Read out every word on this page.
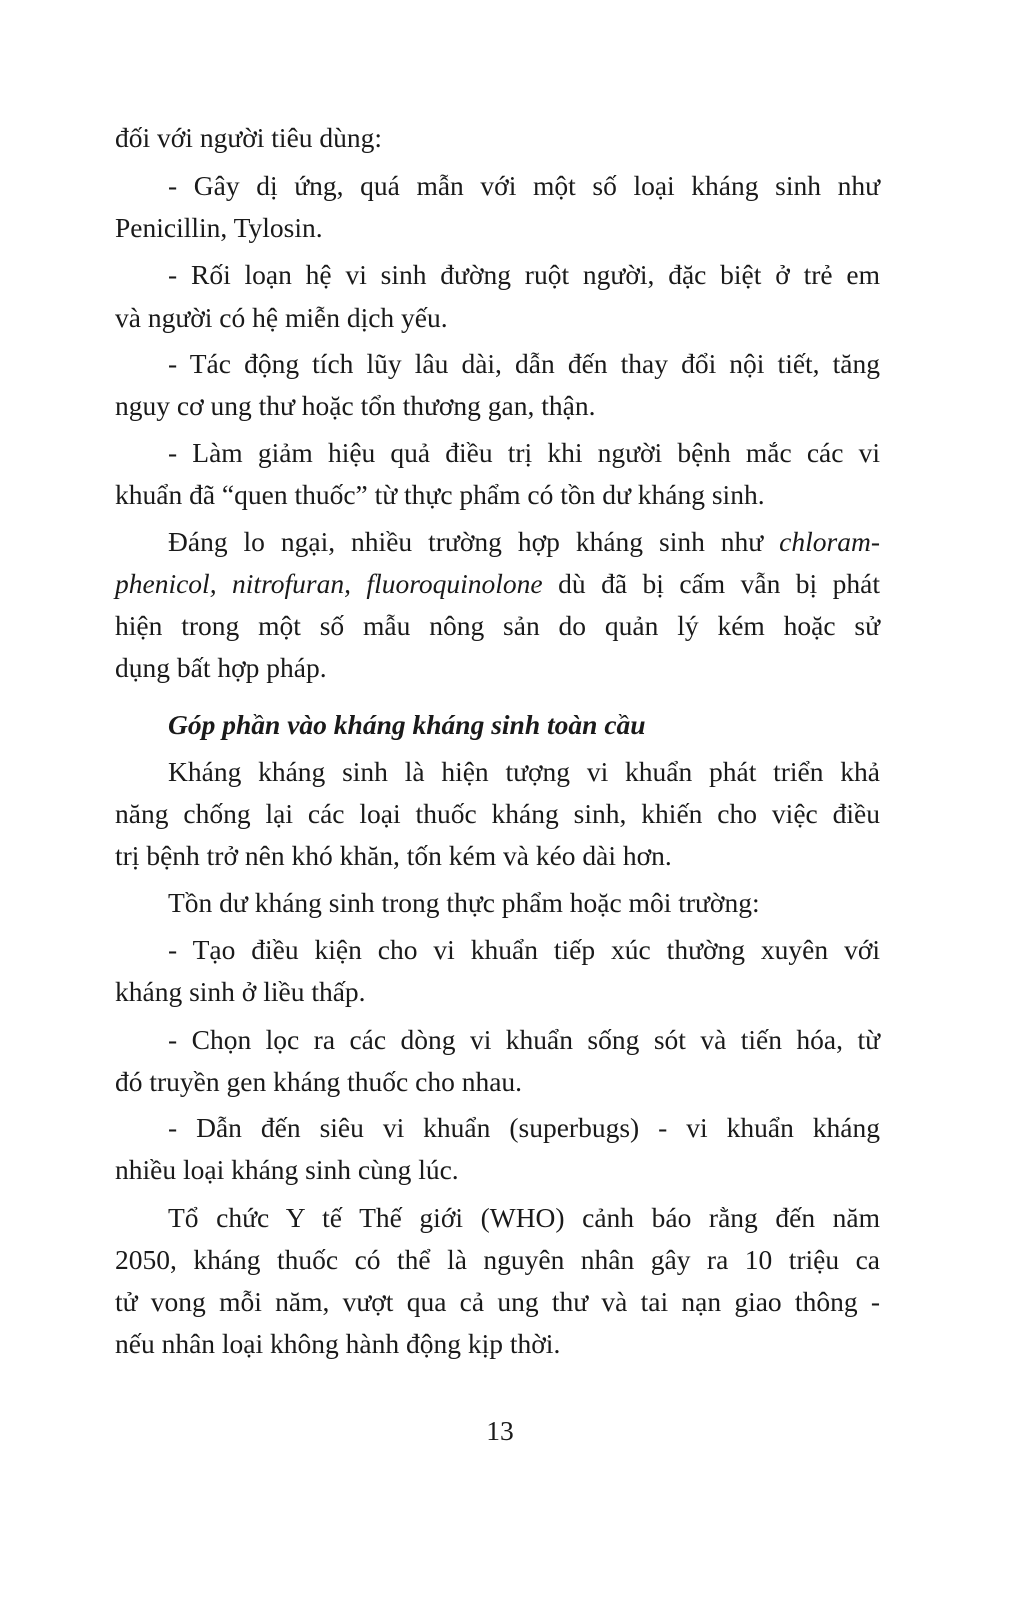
đối với người tiêu dùng:
- Gây dị ứng, quá mẫn với một số loại kháng sinh như
Penicillin, Tylosin.
- Rối loạn hệ vi sinh đường ruột người, đặc biệt ở trẻ em
và người có hệ miễn dịch yếu.
- Tác động tích lũy lâu dài, dẫn đến thay đổi nội tiết, tăng
nguy cơ ung thư hoặc tổn thương gan, thận.
- Làm giảm hiệu quả điều trị khi người bệnh mắc các vi
khuẩn đã “quen thuốc” từ thực phẩm có tồn dư kháng sinh.
Đáng lo ngại, nhiều trường hợp kháng sinh như chloram-
phenicol, nitrofuran, fluoroquinolone dù đã bị cấm vẫn bị phát
hiện trong một số mẫu nông sản do quản lý kém hoặc sử
dụng bất hợp pháp.
Góp phần vào kháng kháng sinh toàn cầu
Kháng kháng sinh là hiện tượng vi khuẩn phát triển khả
năng chống lại các loại thuốc kháng sinh, khiến cho việc điều
trị bệnh trở nên khó khăn, tốn kém và kéo dài hơn.
Tồn dư kháng sinh trong thực phẩm hoặc môi trường:
- Tạo điều kiện cho vi khuẩn tiếp xúc thường xuyên với
kháng sinh ở liều thấp.
- Chọn lọc ra các dòng vi khuẩn sống sót và tiến hóa, từ
đó truyền gen kháng thuốc cho nhau.
- Dẫn đến siêu vi khuẩn (superbugs) - vi khuẩn kháng
nhiều loại kháng sinh cùng lúc.
Tổ chức Y tế Thế giới (WHO) cảnh báo rằng đến năm
2050, kháng thuốc có thể là nguyên nhân gây ra 10 triệu ca
tử vong mỗi năm, vượt qua cả ung thư và tai nạn giao thông -
nếu nhân loại không hành động kịp thời.
13
